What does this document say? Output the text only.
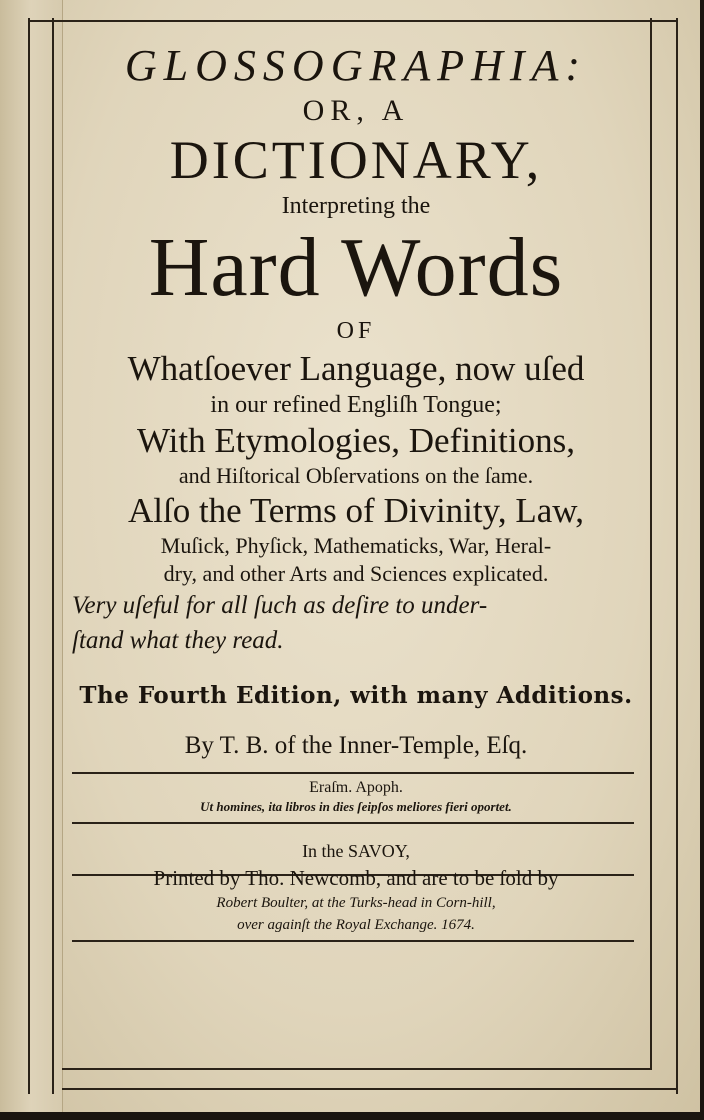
GLOSSOGRAPHIA:
OR, A
DICTIONARY,
Interpreting the
Hard Words
OF
Whatſoever Language, now uſed
in our refined Engliſh Tongue;
With Etymologies, Definitions,
and Hiſtorical Obſervations on the ſame.
Alſo the Terms of Divinity, Law,
Muſick, Phyſick, Mathematicks, War, Heral-
dry, and other Arts and Sciences explicated.
Very uſeful for all ſuch as deſire to under-
ſtand what they read.
The Fourth Edition, with many Additions.
By T. B. of the Inner-Temple, Eſq.
Eraſm. Apoph.
Ut homines, ita libros in dies ſeipſos meliores fieri oportet.
In the SAVOY,
Printed by Tho. Newcomb, and are to be ſold by
Robert Boulter, at the Turks-head in Corn-hill,
over againſt the Royal Exchange. 1674.
